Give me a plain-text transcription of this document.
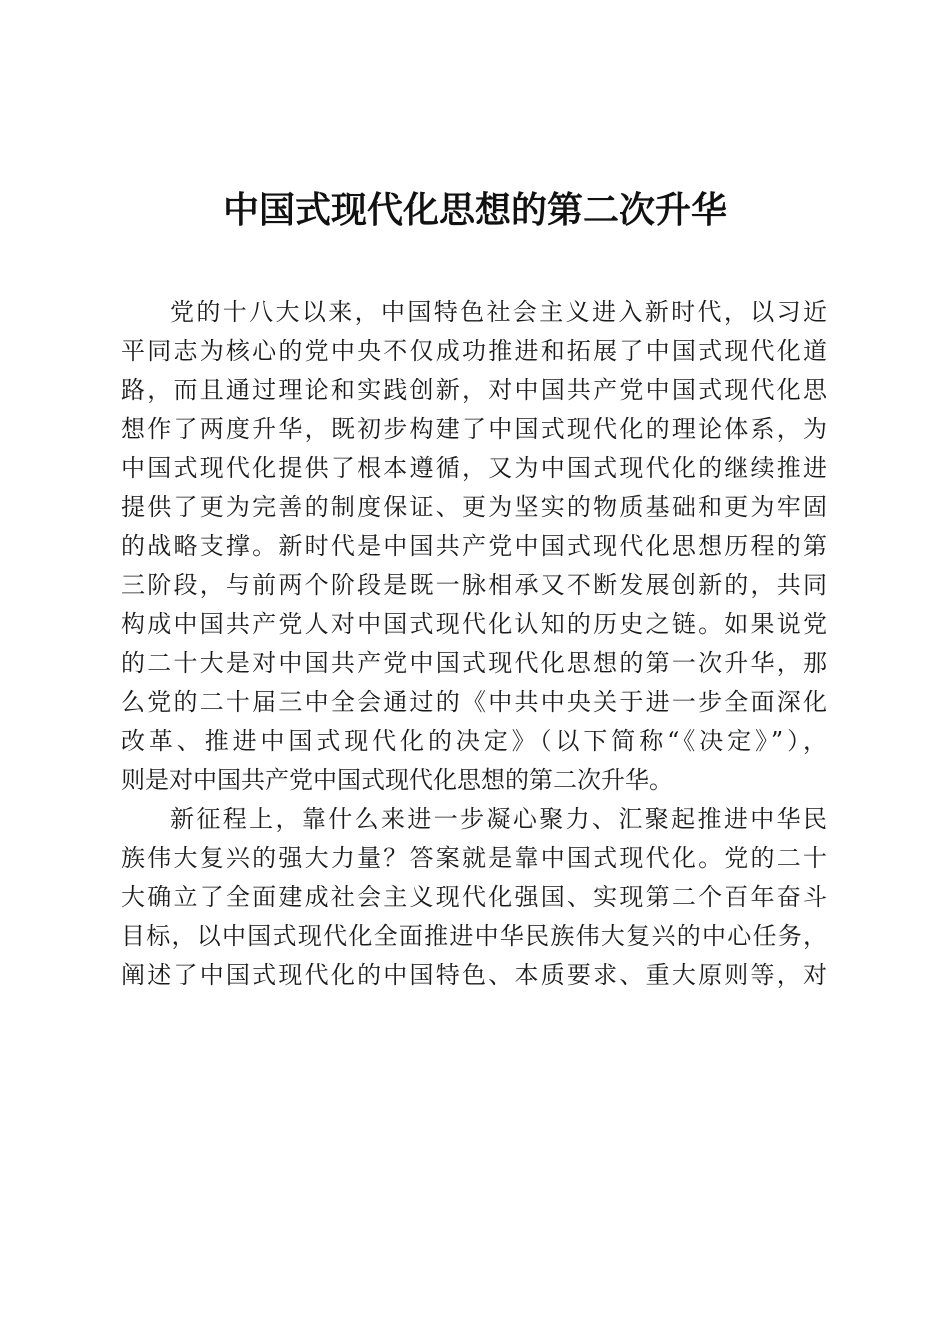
中国式现代化思想的第二次升华
党的十八大以来，中国特色社会主义进入新时代，以习近
平同志为核心的党中央不仅成功推进和拓展了中国式现代化道
路，而且通过理论和实践创新，对中国共产党中国式现代化思
想作了两度升华，既初步构建了中国式现代化的理论体系，为
中国式现代化提供了根本遵循，又为中国式现代化的继续推进
提供了更为完善的制度保证、更为坚实的物质基础和更为牢固
的战略支撑。新时代是中国共产党中国式现代化思想历程的第
三阶段，与前两个阶段是既一脉相承又不断发展创新的，共同
构成中国共产党人对中国式现代化认知的历史之链。如果说党
的二十大是对中国共产党中国式现代化思想的第一次升华，那
么党的二十届三中全会通过的《中共中央关于进一步全面深化
改革、推进中国式现代化的决定》（以下简称“《决定》”），
则是对中国共产党中国式现代化思想的第二次升华。
新征程上，靠什么来进一步凝心聚力、汇聚起推进中华民
族伟大复兴的强大力量？答案就是靠中国式现代化。党的二十
大确立了全面建成社会主义现代化强国、实现第二个百年奋斗
目标，以中国式现代化全面推进中华民族伟大复兴的中心任务，
阐述了中国式现代化的中国特色、本质要求、重大原则等，对
